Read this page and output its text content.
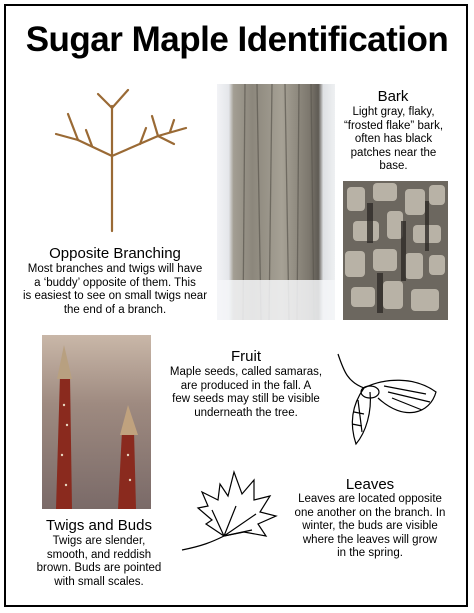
Sugar Maple Identification
Bark
Light gray, flaky,
“frosted flake” bark,
often has black
patches near the
base.
Opposite Branching
Most branches and twigs will have
a ‘buddy’ opposite of them. This
is easiest to see on small twigs near
the end of a branch.
Fruit
Maple seeds, called samaras,
are produced in the fall. A
few seeds may still be visible
underneath the tree.
Leaves
Leaves are located opposite
one another on the branch. In
winter, the buds are visible
where the leaves will grow
in the spring.
Twigs and Buds
Twigs are slender,
smooth, and reddish
brown. Buds are pointed
with small scales.
